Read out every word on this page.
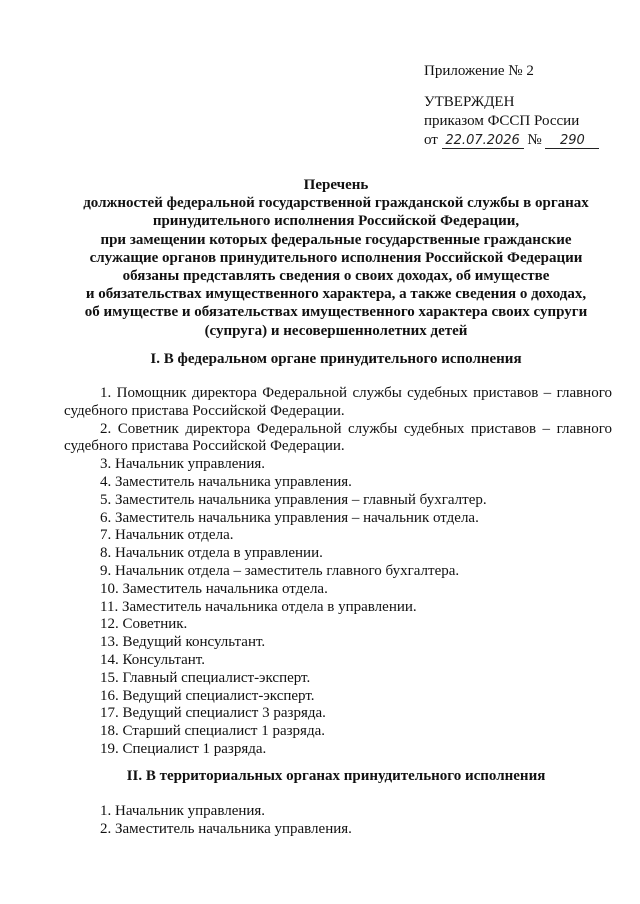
Приложение № 2
УТВЕРЖДЕН
приказом ФССП России
от 22.07.2026 № 290
Перечень
должностей федеральной государственной гражданской службы в органах
принудительного исполнения Российской Федерации,
при замещении которых федеральные государственные гражданские
служащие органов принудительного исполнения Российской Федерации
обязаны представлять сведения о своих доходах, об имуществе
и обязательствах имущественного характера, а также сведения о доходах,
об имуществе и обязательствах имущественного характера своих супруги
(супруга) и несовершеннолетних детей
I. В федеральном органе принудительного исполнения
1. Помощник директора Федеральной службы судебных приставов – главного
судебного пристава Российской Федерации.
2. Советник директора Федеральной службы судебных приставов – главного
судебного пристава Российской Федерации.
3. Начальник управления.
4. Заместитель начальника управления.
5. Заместитель начальника управления – главный бухгалтер.
6. Заместитель начальника управления – начальник отдела.
7. Начальник отдела.
8. Начальник отдела в управлении.
9. Начальник отдела – заместитель главного бухгалтера.
10. Заместитель начальника отдела.
11. Заместитель начальника отдела в управлении.
12. Советник.
13. Ведущий консультант.
14. Консультант.
15. Главный специалист-эксперт.
16. Ведущий специалист-эксперт.
17. Ведущий специалист 3 разряда.
18. Старший специалист 1 разряда.
19. Специалист 1 разряда.
II. В территориальных органах принудительного исполнения
1. Начальник управления.
2. Заместитель начальника управления.
